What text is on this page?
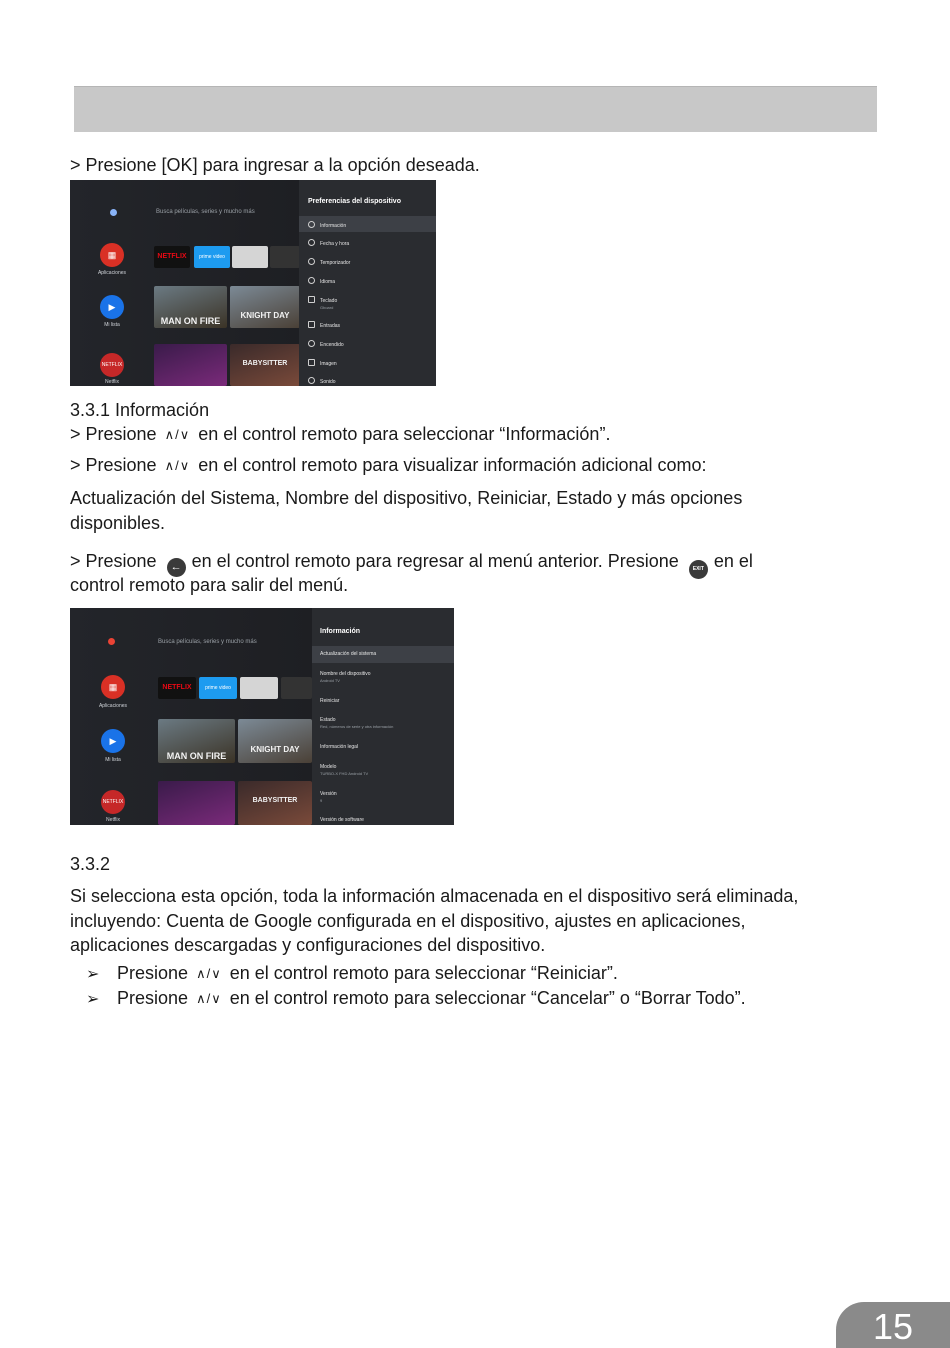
> Presione [OK] para ingresar a la opción deseada.
Busca películas, series y mucho más
▦
Aplicaciones
▶
Mi lista
NETFLIX
Netflix
NETFLIX	prime video
MAN ON FIRE
KNIGHT DAY
BABYSITTER
Preferencias del dispositivo
Información
Fecha y hora
Temporizador
Idioma
Teclado
Gboard
Entradas
Encendido
Imagen
Sonido
3.3.1 Información
> Presione ∧/∨ en el control remoto para seleccionar “Información”.
> Presione ∧/∨ en el control remoto para visualizar información adicional como:
Actualización del Sistema, Nombre del dispositivo, Reiniciar, Estado y más opciones disponibles.
> Presione ← en el control remoto para regresar al menú anterior. Presione	EXIT en el
control remoto para salir del menú.
Busca películas, series y mucho más
▦
Aplicaciones
▶
Mi lista
NETFLIX
Netflix
NETFLIX	prime video
MAN ON FIRE
KNIGHT DAY
BABYSITTER
Información
Actualización del sistema
Nombre del dispositivo
Android TV
Reiniciar
Estado
Red, números de serie y otra información
Información legal
Modelo
TURBO-X FHD Android TV
Versión
9
Versión de software
3.3.2
Si selecciona esta opción, toda la información almacenada en el dispositivo será eliminada, incluyendo: Cuenta de Google configurada en el dispositivo, ajustes en aplicaciones, aplicaciones descargadas y configuraciones del dispositivo.
➢ Presione ∧/∨ en el control remoto para seleccionar “Reiniciar”.
➢ Presione ∧/∨ en el control remoto para seleccionar “Cancelar” o “Borrar Todo”.
15
